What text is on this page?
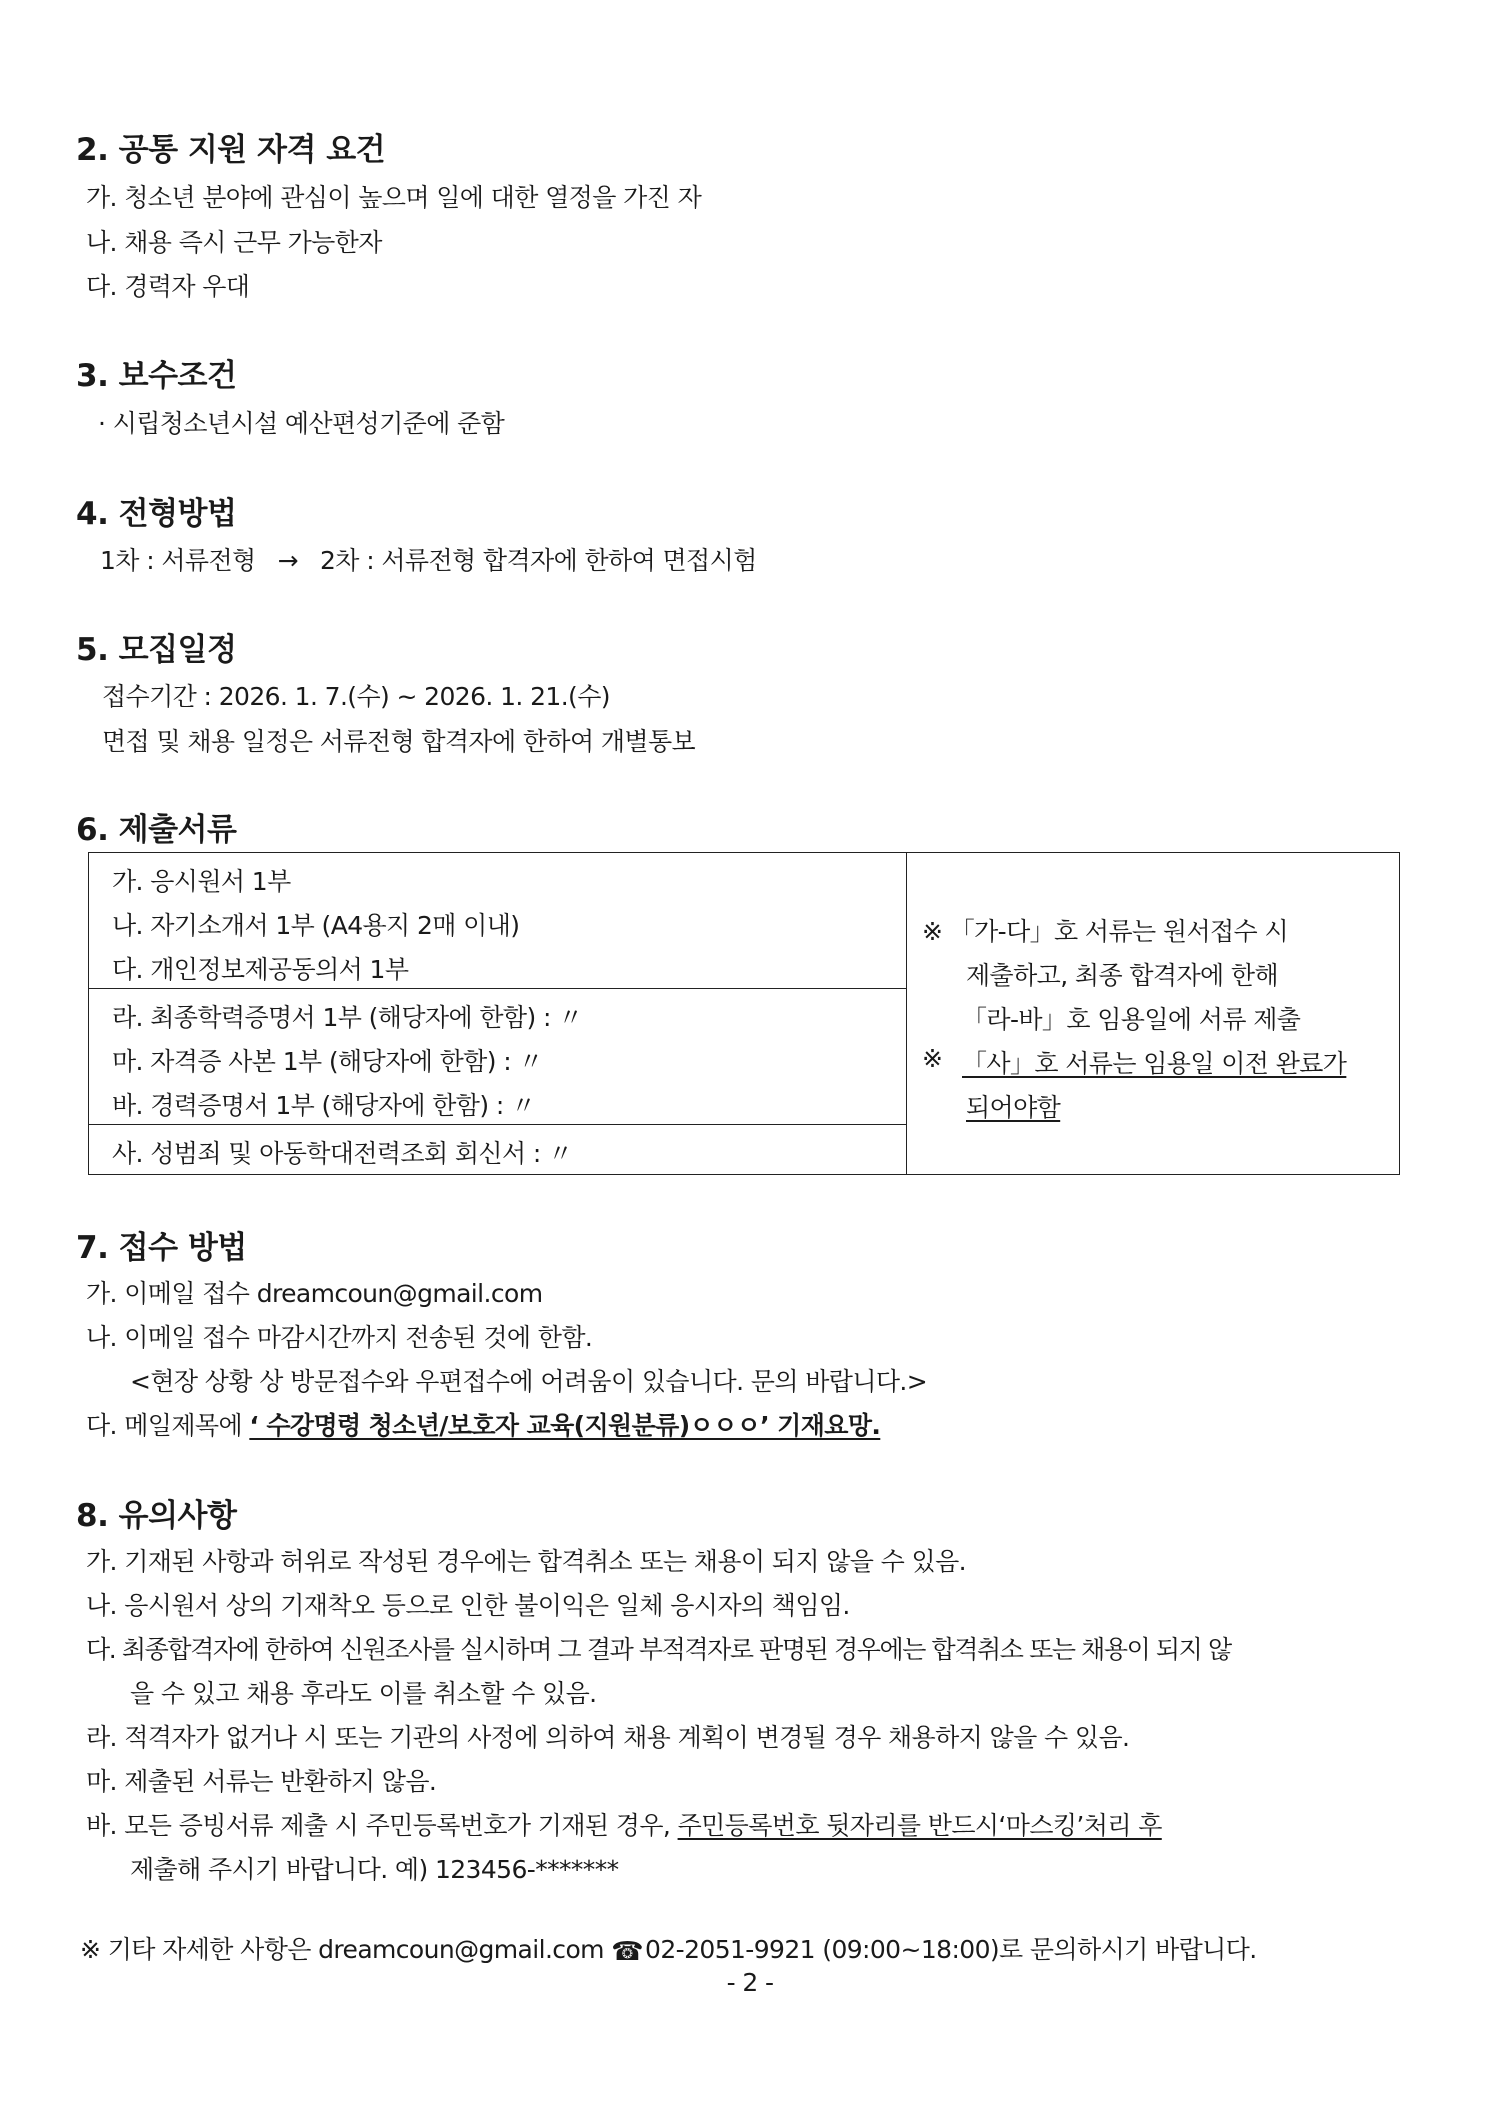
2. 공통 지원 자격 요건
가. 청소년 분야에 관심이 높으며 일에 대한 열정을 가진 자
나. 채용 즉시 근무 가능한자
다. 경력자 우대
3. 보수조건
· 시립청소년시설 예산편성기준에 준함
4. 전형방법
1차 : 서류전형   →   2차 : 서류전형 합격자에 한하여 면접시험
5. 모집일정
접수기간 : 2026. 1. 7.(수) ~ 2026. 1. 21.(수)
면접 및 채용 일정은 서류전형 합격자에 한하여 개별통보
6. 제출서류
가. 응시원서 1부
나. 자기소개서 1부 (A4용지 2매 이내)
다. 개인정보제공동의서 1부
라. 최종학력증명서 1부 (해당자에 한함) : 〃
마. 자격증 사본 1부 (해당자에 한함) : 〃
바. 경력증명서 1부 (해당자에 한함) : 〃
사. 성범죄 및 아동학대전력조회 회신서 : 〃
※ 「가-다」호 서류는 원서접수 시
제출하고, 최종 합격자에 한해
「라-바」호 임용일에 서류 제출
※ 「사」호 서류는 임용일 이전 완료가
되어야함
7. 접수 방법
가. 이메일 접수 dreamcoun@gmail.com
나. 이메일 접수 마감시간까지 전송된 것에 한함.
<현장 상황 상 방문접수와 우편접수에 어려움이 있습니다. 문의 바랍니다.>
다. 메일제목에 ‘ 수강명령 청소년/보호자 교육(지원분류)ㅇㅇㅇ’ 기재요망.
8. 유의사항
가. 기재된 사항과 허위로 작성된 경우에는 합격취소 또는 채용이 되지 않을 수 있음.
나. 응시원서 상의 기재착오 등으로 인한 불이익은 일체 응시자의 책임임.
다. 최종합격자에 한하여 신원조사를 실시하며 그 결과 부적격자로 판명된 경우에는 합격취소 또는 채용이 되지 않
을 수 있고 채용 후라도 이를 취소할 수 있음.
라. 적격자가 없거나 시 또는 기관의 사정에 의하여 채용 계획이 변경될 경우 채용하지 않을 수 있음.
마. 제출된 서류는 반환하지 않음.
바. 모든 증빙서류 제출 시 주민등록번호가 기재된 경우, 주민등록번호 뒷자리를 반드시‘마스킹’처리 후
제출해 주시기 바랍니다. 예) 123456-*******
※ 기타 자세한 사항은 dreamcoun@gmail.com ☎02-2051-9921 (09:00~18:00)로 문의하시기 바랍니다.
- 2 -
